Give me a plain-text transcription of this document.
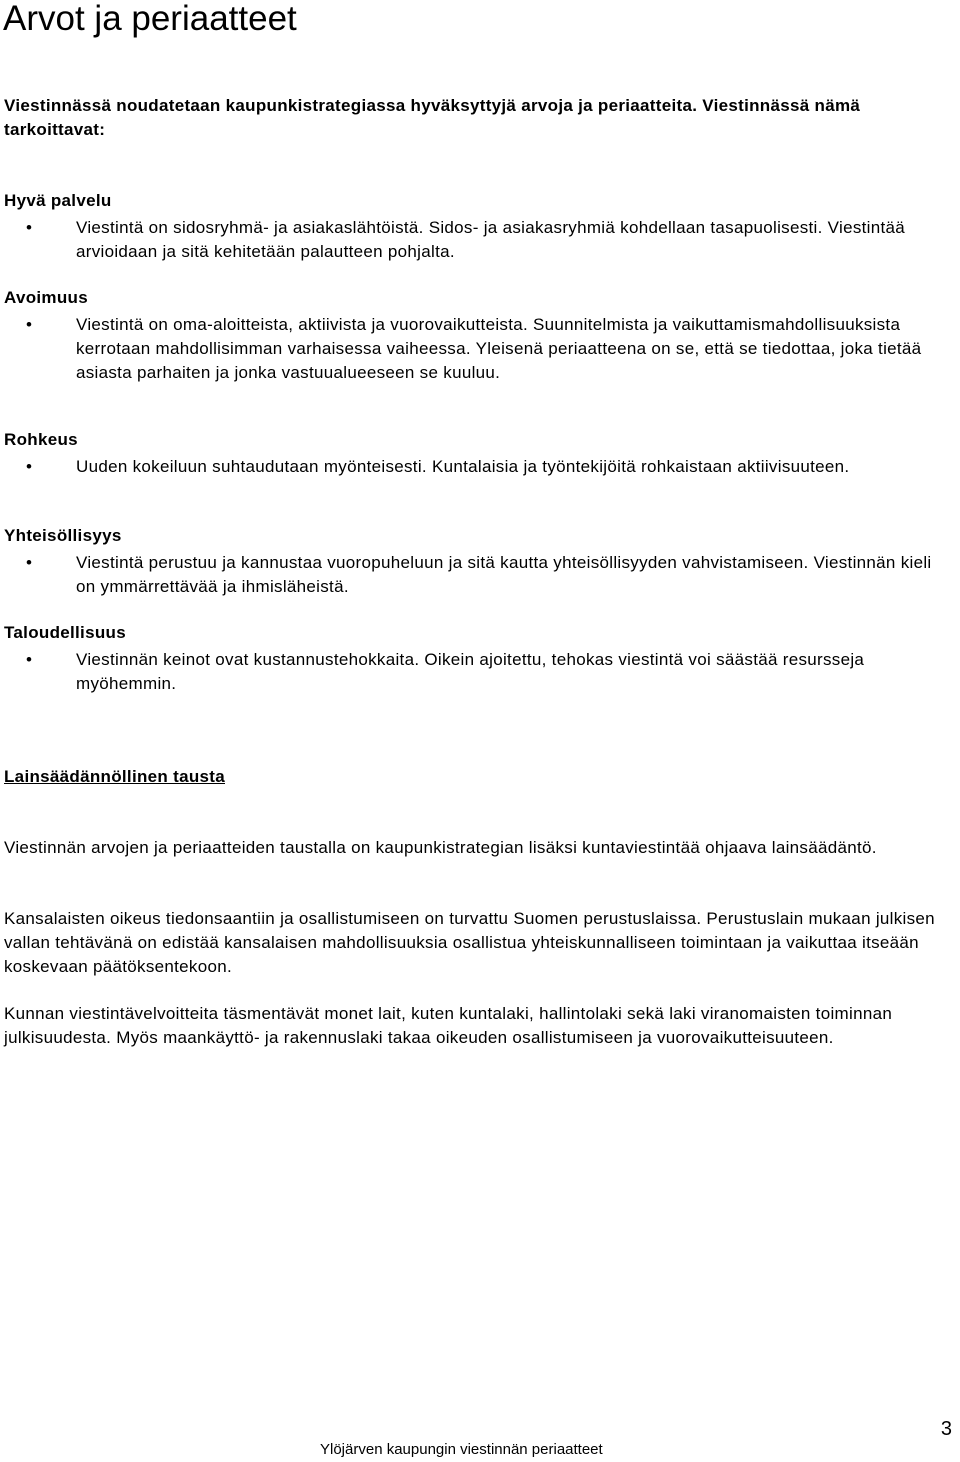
Arvot ja periaatteet
Viestinnässä noudatetaan kaupunkistrategiassa hyväksyttyjä arvoja ja periaatteita. Viestinnässä nämä tarkoittavat:
Hyvä palvelu
•	Viestintä on sidosryhmä- ja asiakaslähtöistä. Sidos- ja asiakasryhmiä kohdellaan tasapuolisesti. Viestintää arvioidaan ja sitä kehitetään palautteen pohjalta.
Avoimuus
•	Viestintä on oma-aloitteista, aktiivista ja vuorovaikutteista. Suunnitelmista ja vaikuttamismahdollisuuksista kerrotaan mahdollisimman varhaisessa vaiheessa. Yleisenä periaatteena on se, että se tiedottaa, joka tietää asiasta parhaiten ja jonka vastuualueeseen se kuuluu.
Rohkeus
•	Uuden kokeiluun suhtaudutaan myönteisesti. Kuntalaisia ja työntekijöitä rohkaistaan aktiivisuuteen.
Yhteisöllisyys
•	Viestintä perustuu ja kannustaa vuoropuheluun ja sitä kautta yhteisöllisyyden vahvistamiseen. Viestinnän kieli on ymmärrettävää ja ihmisläheistä.
Taloudellisuus
•	Viestinnän keinot ovat kustannustehokkaita. Oikein ajoitettu, tehokas viestintä voi säästää resursseja myöhemmin.
Lainsäädännöllinen tausta
Viestinnän arvojen ja periaatteiden taustalla on kaupunkistrategian lisäksi kuntaviestintää ohjaava lainsäädäntö.
Kansalaisten oikeus tiedonsaantiin ja osallistumiseen on turvattu Suomen perustuslaissa. Perustuslain mukaan julkisen vallan tehtävänä on edistää kansalaisen mahdollisuuksia osallistua yhteiskunnalliseen toimintaan ja vaikuttaa itseään koskevaan päätöksentekoon.
Kunnan viestintävelvoitteita täsmentävät monet lait, kuten kuntalaki, hallintolaki sekä laki viranomaisten toiminnan julkisuudesta. Myös maankäyttö- ja rakennuslaki takaa oikeuden osallistumiseen ja vuorovaikutteisuuteen.
3
Ylöjärven kaupungin viestinnän periaatteet
